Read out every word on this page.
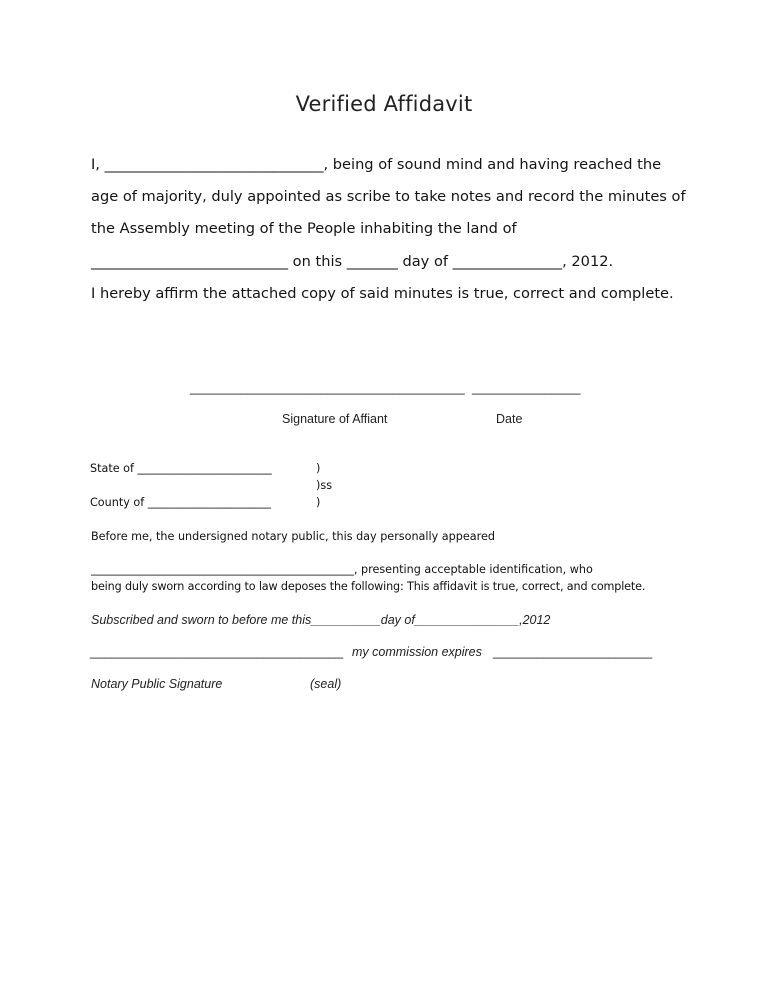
Verified Affidavit
I, ______________________________, being of sound mind and having reached the
age of majority, duly appointed as scribe to take notes and record the minutes of
the Assembly meeting of the People inhabiting the land of
___________________________ on this _______ day of _______________, 2012.
I hereby affirm the attached copy of said minutes is true, correct and complete.
______________________________________ _______________
Signature of Affiant	Date
State of ________________________	)
)ss
County of ______________________	)
Before me, the undersigned notary public, this day personally appeared
_______________________________________________, presenting acceptable identification, who
being duly sworn according to law deposes the following: This affidavit is true, correct, and complete.
Subscribed and sworn to before me this__________day of_______________,2012
___________________________________ my commission expires ______________________
Notary Public Signature	(seal)
